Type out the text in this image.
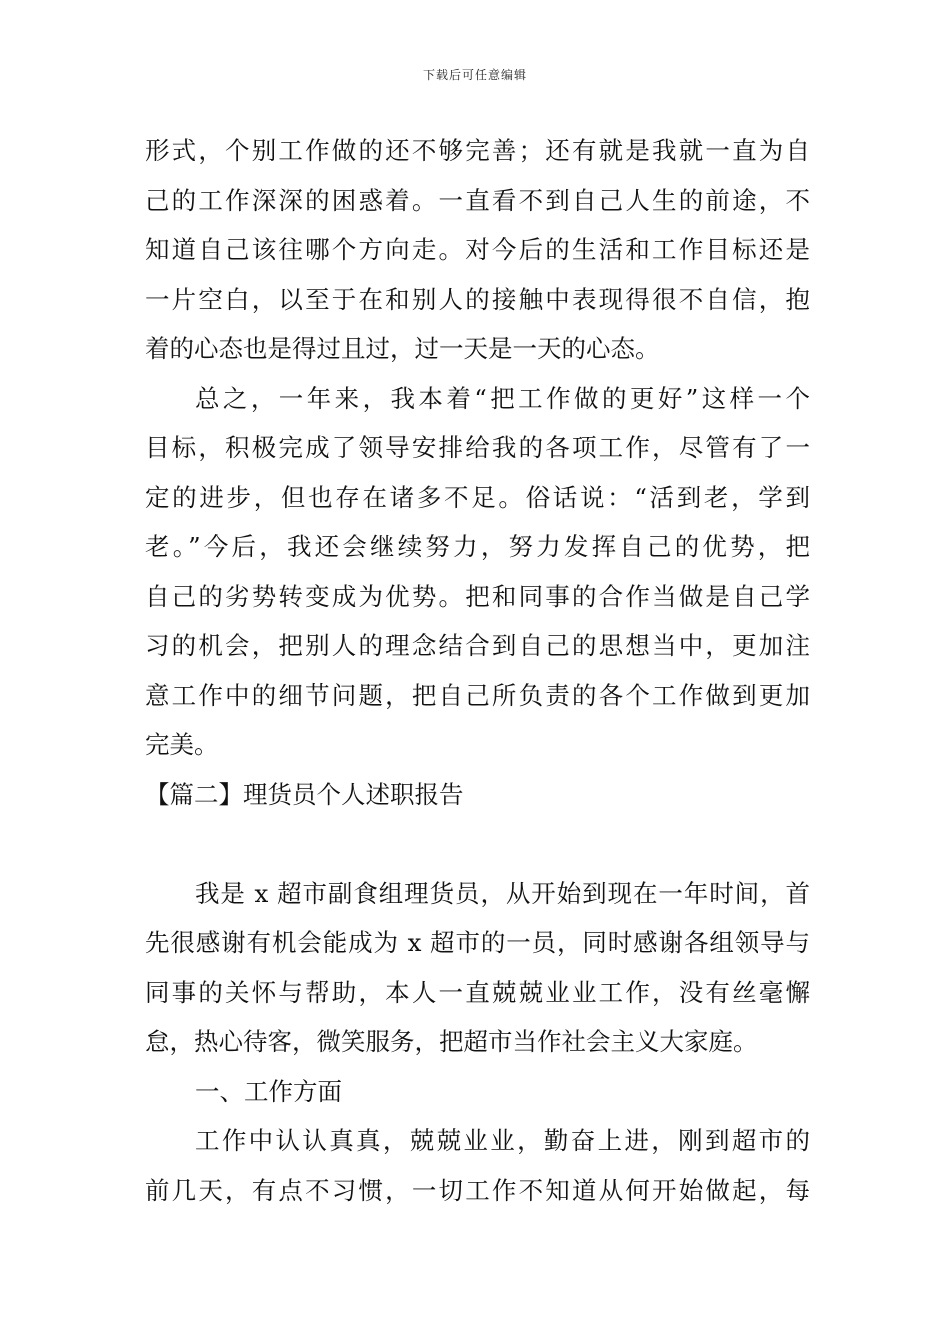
下载后可任意编辑
形式，个别工作做的还不够完善；还有就是我就一直为自
己的工作深深的困惑着。一直看不到自己人生的前途，不
知道自己该往哪个方向走。对今后的生活和工作目标还是
一片空白，以至于在和别人的接触中表现得很不自信，抱
着的心态也是得过且过，过一天是一天的心态。
总之，一年来，我本着“把工作做的更好”这样一个
目标，积极完成了领导安排给我的各项工作，尽管有了一
定的进步，但也存在诸多不足。俗话说：“活到老，学到
老。”今后，我还会继续努力，努力发挥自己的优势，把
自己的劣势转变成为优势。把和同事的合作当做是自己学
习的机会，把别人的理念结合到自己的思想当中，更加注
意工作中的细节问题，把自己所负责的各个工作做到更加
完美。
【篇二】理货员个人述职报告
我是 x 超市副食组理货员，从开始到现在一年时间，首
先很感谢有机会能成为 x 超市的一员，同时感谢各组领导与
同事的关怀与帮助，本人一直兢兢业业工作，没有丝毫懈
怠，热心待客，微笑服务，把超市当作社会主义大家庭。
一、工作方面
工作中认认真真，兢兢业业，勤奋上进，刚到超市的
前几天，有点不习惯，一切工作不知道从何开始做起，每
